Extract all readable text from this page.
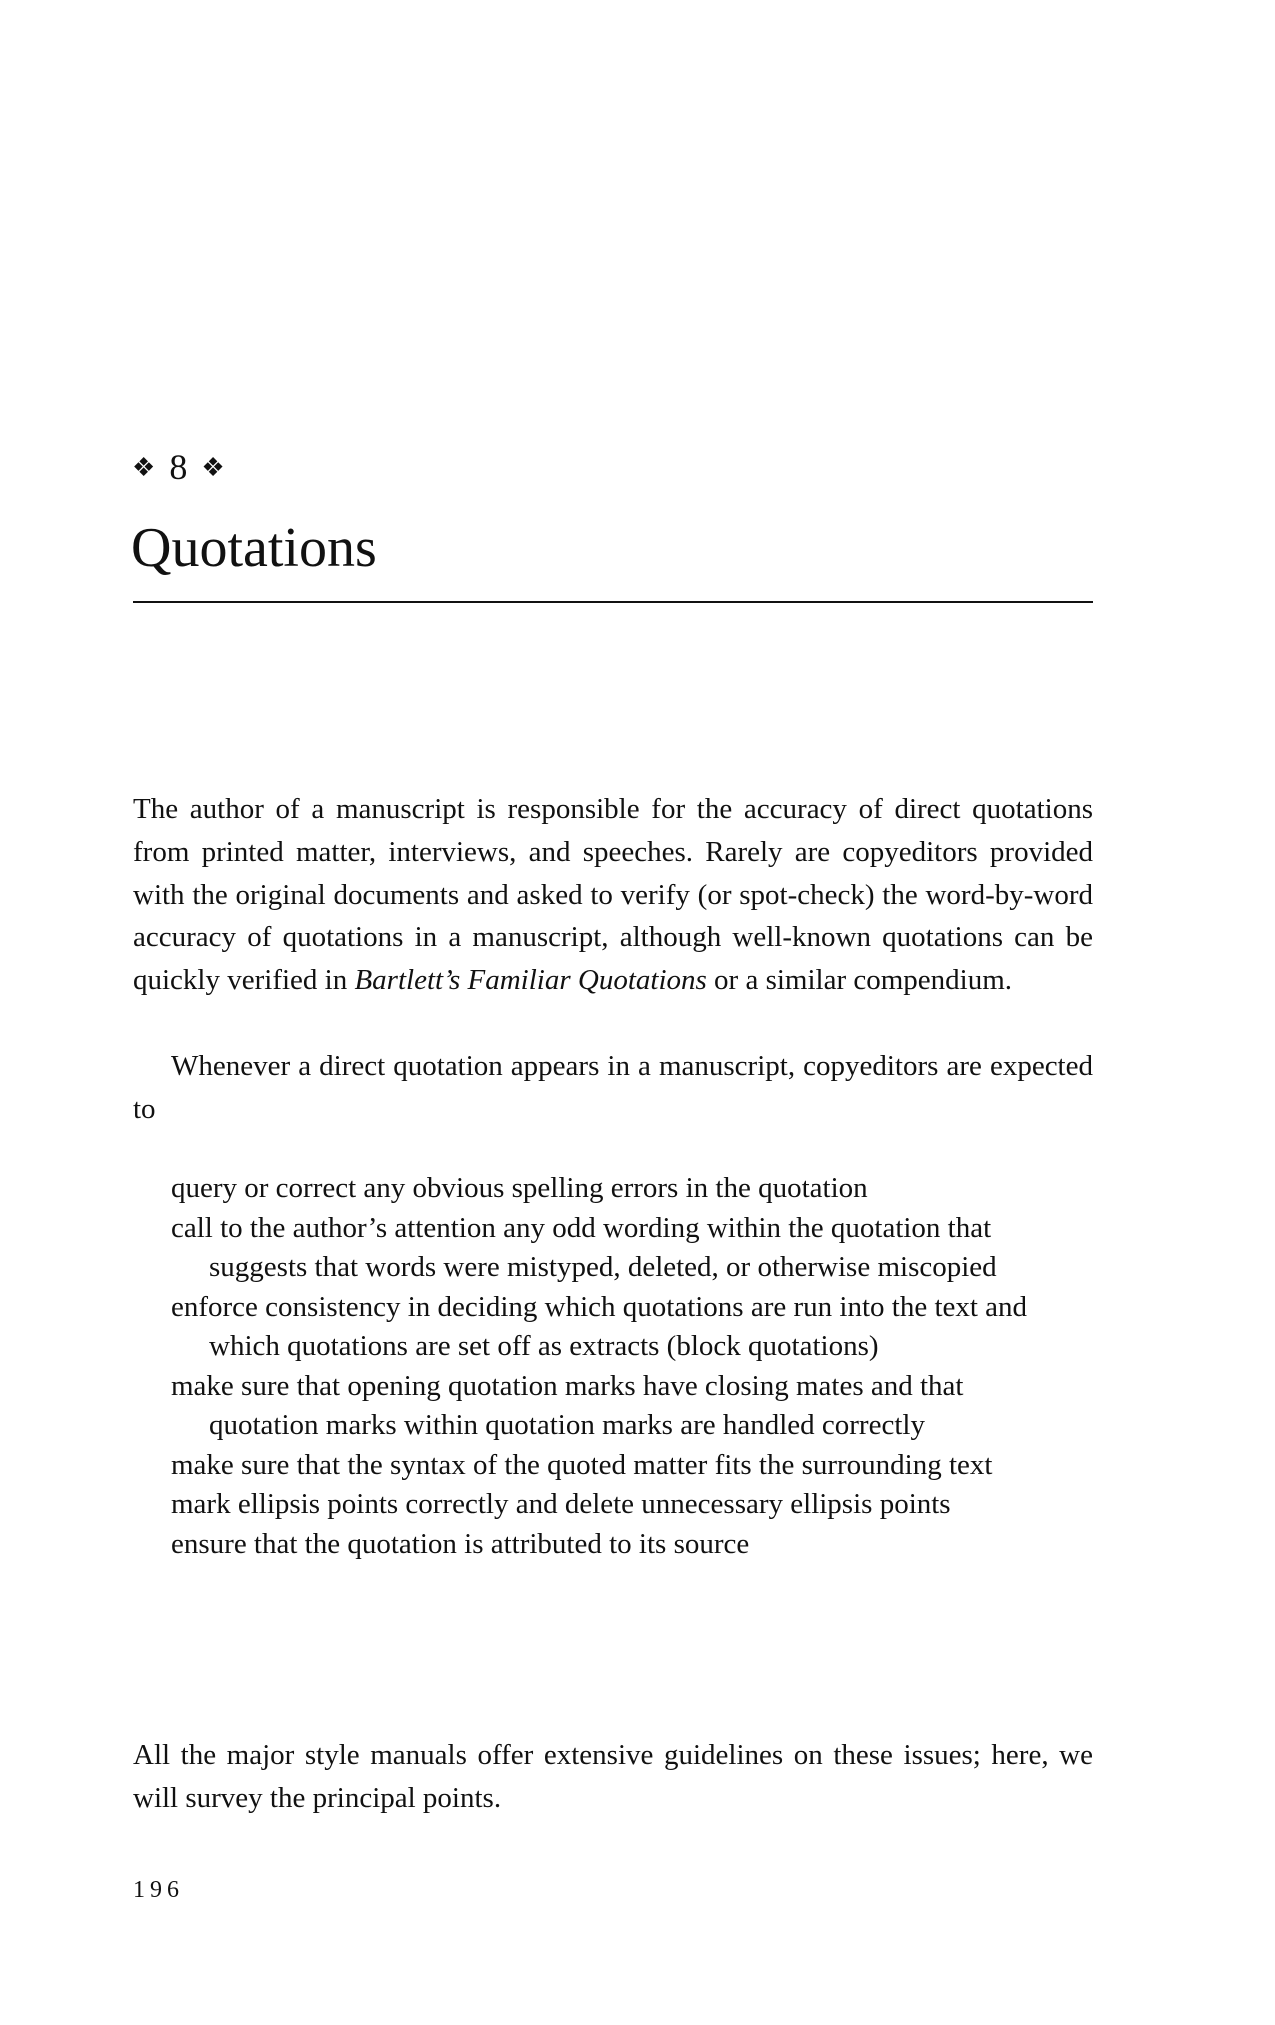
❖ 8 ❖
Quotations

The author of a manuscript is responsible for the accuracy of direct quotations from printed matter, interviews, and speeches. Rarely are copyeditors provided with the original documents and asked to verify (or spot-check) the word-by-word accuracy of quotations in a manuscript, although well-known quotations can be quickly verified in Bartlett’s Familiar Quotations or a similar compendium.

Whenever a direct quotation appears in a manuscript, copyeditors are expected to

query or correct any obvious spelling errors in the quotation
call to the author’s attention any odd wording within the quotation that suggests that words were mistyped, deleted, or otherwise miscopied
enforce consistency in deciding which quotations are run into the text and which quotations are set off as extracts (block quotations)
make sure that opening quotation marks have closing mates and that quotation marks within quotation marks are handled correctly
make sure that the syntax of the quoted matter fits the surrounding text
mark ellipsis points correctly and delete unnecessary ellipsis points
ensure that the quotation is attributed to its source

All the major style manuals offer extensive guidelines on these issues; here, we will survey the principal points.

196
